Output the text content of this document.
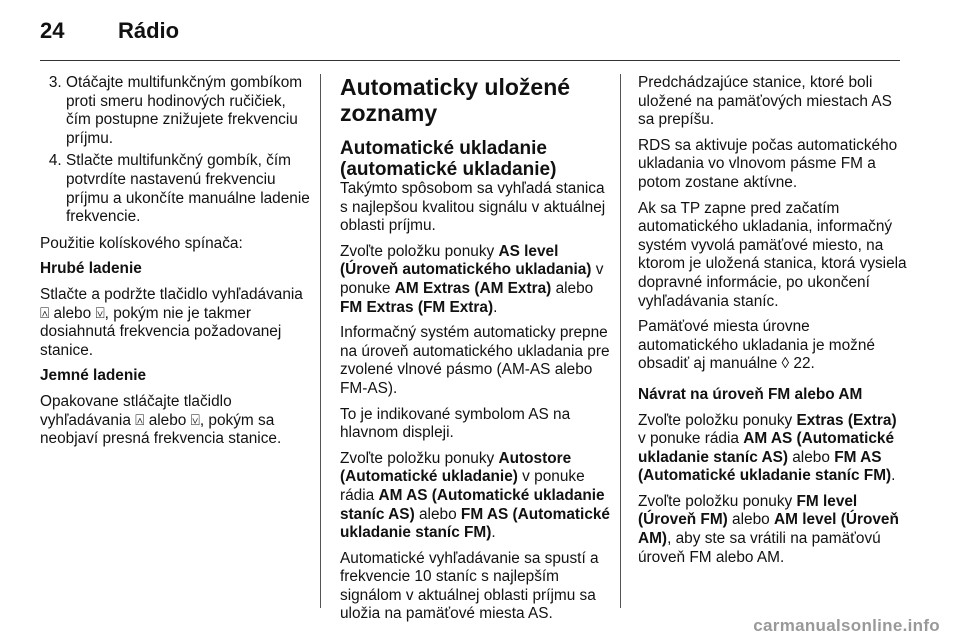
24 Rádio
3. Otáčajte multifunkčným gombíkom proti smeru hodinových ručičiek, čím postupne znižujete frekvenciu príjmu.
4. Stlačte multifunkčný gombík, čím potvrdíte nastavenú frekvenciu príjmu a ukončíte manuálne ladenie frekvencie.

Použitie kolískového spínača:

Hrubé ladenie

Stlačte a podržte tlačidlo vyhľadávania ⍓ alebo ⍌, pokým nie je takmer dosiahnutá frekvencia požadovanej stanice.

Jemné ladenie

Opakovane stláčajte tlačidlo vyhľadávania ⍓ alebo ⍌, pokým sa neobjaví presná frekvencia stanice.

Automaticky uložené zoznamy
Automatické ukladanie (automatické ukladanie)

Takýmto spôsobom sa vyhľadá stanica s najlepšou kvalitou signálu v aktuálnej oblasti príjmu.

Zvoľte položku ponuky AS level (Úroveň automatického ukladania) v ponuke AM Extras (AM Extra) alebo FM Extras (FM Extra).

Informačný systém automaticky prepne na úroveň automatického ukladania pre zvolené vlnové pásmo (AM-AS alebo FM-AS).

To je indikované symbolom AS na hlavnom displeji.

Zvoľte položku ponuky Autostore (Automatické ukladanie) v ponuke rádia AM AS (Automatické ukladanie staníc AS) alebo FM AS (Automatické ukladanie staníc FM).

Automatické vyhľadávanie sa spustí a frekvencie 10 staníc s najlepším signálom v aktuálnej oblasti príjmu sa uložia na pamäťové miesta AS.

Predchádzajúce stanice, ktoré boli uložené na pamäťových miestach AS sa prepíšu.

RDS sa aktivuje počas automatického ukladania vo vlnovom pásme FM a potom zostane aktívne.

Ak sa TP zapne pred začatím automatického ukladania, informačný systém vyvolá pamäťové miesto, na ktorom je uložená stanica, ktorá vysiela dopravné informácie, po ukončení vyhľadávania staníc.

Pamäťové miesta úrovne automatického ukladania je možné obsadiť aj manuálne ◊ 22.

Návrat na úroveň FM alebo AM

Zvoľte položku ponuky Extras (Extra) v ponuke rádia AM AS (Automatické ukladanie staníc AS) alebo FM AS (Automatické ukladanie staníc FM).

Zvoľte položku ponuky FM level (Úroveň FM) alebo AM level (Úroveň AM), aby ste sa vrátili na pamäťovú úroveň FM alebo AM.

carmanualsonline.info
